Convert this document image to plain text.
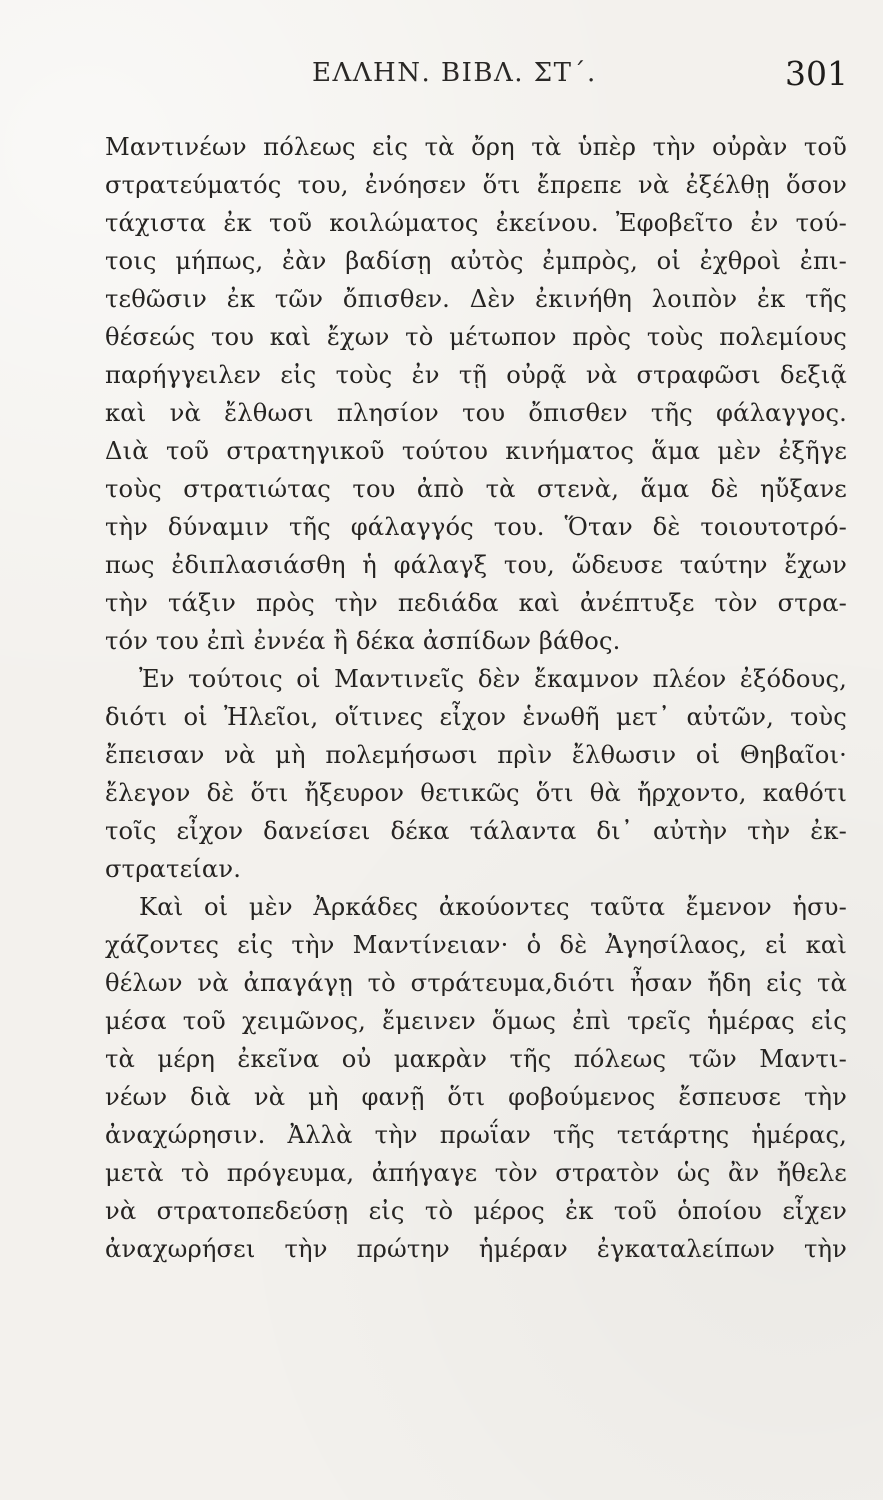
ΕΛΛΗΝ. ΒΙΒΛ. ΣΤ΄.	301
Μαντινέων πόλεως εἰς τὰ ὄρη τὰ ὑπὲρ τὴν οὐρὰν τοῦ
στρατεύματός του, ἐνόησεν ὅτι ἔπρεπε νὰ ἐξέλθῃ ὅσον
τάχιστα ἐκ τοῦ κοιλώματος ἐκείνου. Ἐφοβεῖτο ἐν τού-
τοις μήπως, ἐὰν βαδίσῃ αὐτὸς ἐμπρὸς, οἱ ἐχθροὶ ἐπι-
τεθῶσιν ἐκ τῶν ὄπισθεν. Δὲν ἐκινήθη λοιπὸν ἐκ τῆς
θέσεώς του καὶ ἔχων τὸ μέτωπον πρὸς τοὺς πολεμίους
παρήγγειλεν εἰς τοὺς ἐν τῇ οὐρᾷ νὰ στραφῶσι δεξιᾷ
καὶ νὰ ἔλθωσι πλησίον του ὄπισθεν τῆς φάλαγγος.
Διὰ τοῦ στρατηγικοῦ τούτου κινήματος ἅμα μὲν ἐξῆγε
τοὺς στρατιώτας του ἀπὸ τὰ στενὰ, ἅμα δὲ ηὔξανε
τὴν δύναμιν τῆς φάλαγγός του. Ὅταν δὲ τοιουτοτρό-
πως ἐδιπλασιάσθη ἡ φάλαγξ του, ὥδευσε ταύτην ἔχων
τὴν τάξιν πρὸς τὴν πεδιάδα καὶ ἀνέπτυξε τὸν στρα-
τόν του ἐπὶ ἐννέα ἢ δέκα ἀσπίδων βάθος.
Ἐν τούτοις οἱ Μαντινεῖς δὲν ἔκαμνον πλέον ἐξόδους,
διότι οἱ Ἠλεῖοι, οἵτινες εἶχον ἑνωθῆ μετ᾽ αὐτῶν, τοὺς
ἔπεισαν νὰ μὴ πολεμήσωσι πρὶν ἔλθωσιν οἱ Θηβαῖοι·
ἔλεγον δὲ ὅτι ἤξευρον θετικῶς ὅτι θὰ ἤρχοντο, καθότι
τοῖς εἶχον δανείσει δέκα τάλαντα δι᾽ αὐτὴν τὴν ἐκ-
στρατείαν.
Καὶ οἱ μὲν Ἀρκάδες ἀκούοντες ταῦτα ἔμενον ἡσυ-
χάζοντες εἰς τὴν Μαντίνειαν· ὁ δὲ Ἀγησίλαος, εἰ καὶ
θέλων νὰ ἀπαγάγῃ τὸ στράτευμα,διότι ἦσαν ἤδη εἰς τὰ
μέσα τοῦ χειμῶνος, ἔμεινεν ὅμως ἐπὶ τρεῖς ἡμέρας εἰς
τὰ μέρη ἐκεῖνα οὐ μακρὰν τῆς πόλεως τῶν Μαντι-
νέων διὰ νὰ μὴ φανῇ ὅτι φοβούμενος ἔσπευσε τὴν
ἀναχώρησιν. Ἀλλὰ τὴν πρωΐαν τῆς τετάρτης ἡμέρας,
μετὰ τὸ πρόγευμα, ἀπήγαγε τὸν στρατὸν ὡς ἂν ἤθελε
νὰ στρατοπεδεύσῃ εἰς τὸ μέρος ἐκ τοῦ ὁποίου εἶχεν
ἀναχωρήσει τὴν πρώτην ἡμέραν ἐγκαταλείπων τὴν
